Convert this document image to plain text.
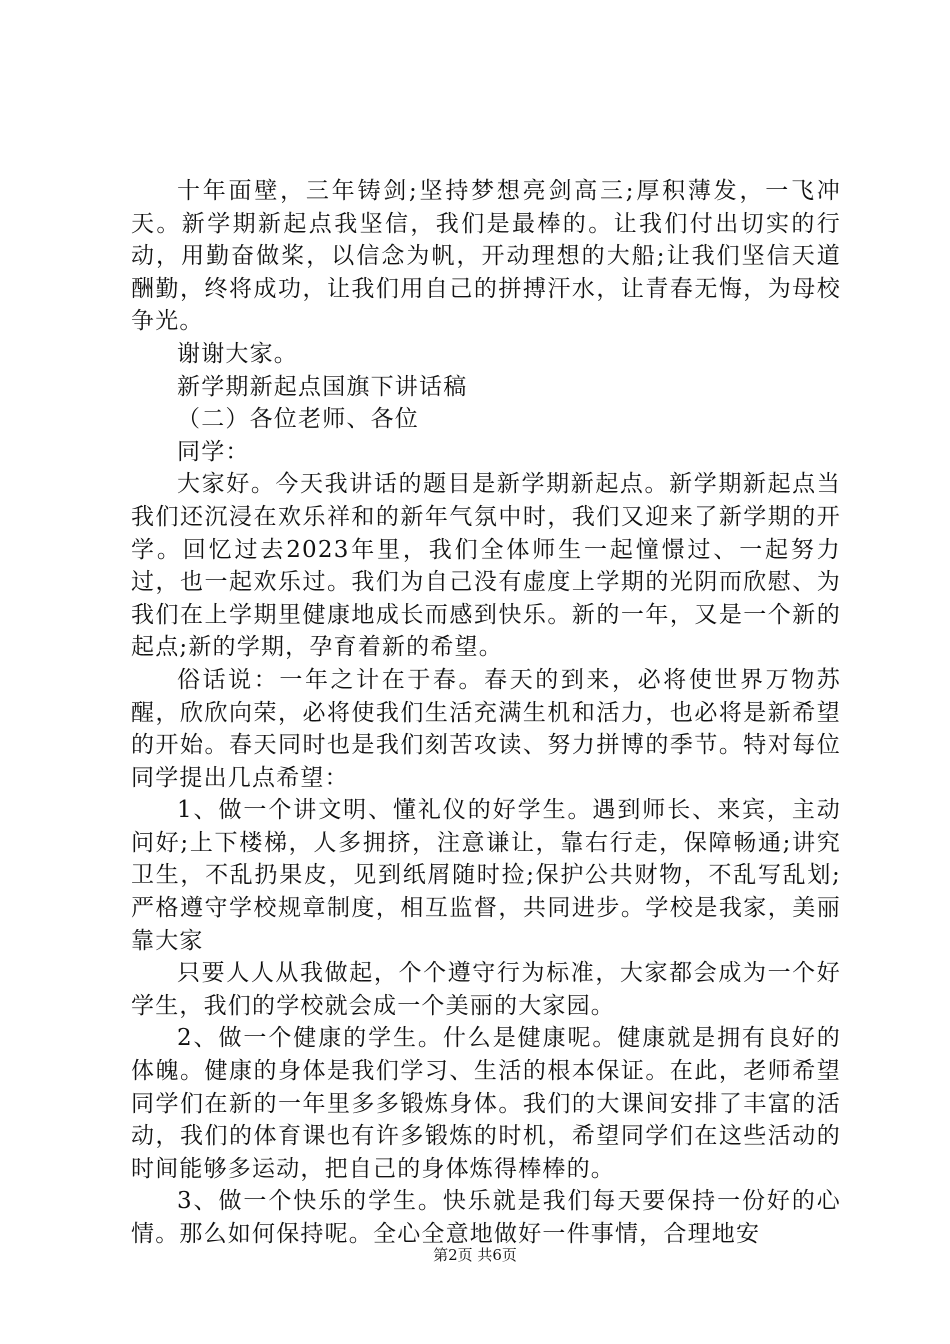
十年面壁，三年铸剑;坚持梦想亮剑高三;厚积薄发，一飞冲天。新学期新起点我坚信，我们是最棒的。让我们付出切实的行动，用勤奋做桨，以信念为帆，开动理想的大船;让我们坚信天道酬勤，终将成功，让我们用自己的拼搏汗水，让青春无悔，为母校争光。

谢谢大家。

新学期新起点国旗下讲话稿

（二）各位老师、各位

同学：

大家好。今天我讲话的题目是新学期新起点。新学期新起点当我们还沉浸在欢乐祥和的新年气氛中时，我们又迎来了新学期的开学。回忆过去2023年里，我们全体师生一起憧憬过、一起努力过，也一起欢乐过。我们为自己没有虚度上学期的光阴而欣慰、为我们在上学期里健康地成长而感到快乐。新的一年，又是一个新的起点;新的学期，孕育着新的希望。

俗话说：一年之计在于春。春天的到来，必将使世界万物苏醒，欣欣向荣，必将使我们生活充满生机和活力，也必将是新希望的开始。春天同时也是我们刻苦攻读、努力拼博的季节。特对每位同学提出几点希望：

1、做一个讲文明、懂礼仪的好学生。遇到师长、来宾，主动问好;上下楼梯，人多拥挤，注意谦让，靠右行走，保障畅通;讲究卫生，不乱扔果皮，见到纸屑随时捡;保护公共财物，不乱写乱划;严格遵守学校规章制度，相互监督，共同进步。学校是我家，美丽靠大家

只要人人从我做起，个个遵守行为标准，大家都会成为一个好学生，我们的学校就会成一个美丽的大家园。

2、做一个健康的学生。什么是健康呢。健康就是拥有良好的体魄。健康的身体是我们学习、生活的根本保证。在此，老师希望同学们在新的一年里多多锻炼身体。我们的大课间安排了丰富的活动，我们的体育课也有许多锻炼的时机，希望同学们在这些活动的时间能够多运动，把自己的身体炼得棒棒的。

3、做一个快乐的学生。快乐就是我们每天要保持一份好的心情。那么如何保持呢。全心全意地做好一件事情，合理地安

第2页 共6页
